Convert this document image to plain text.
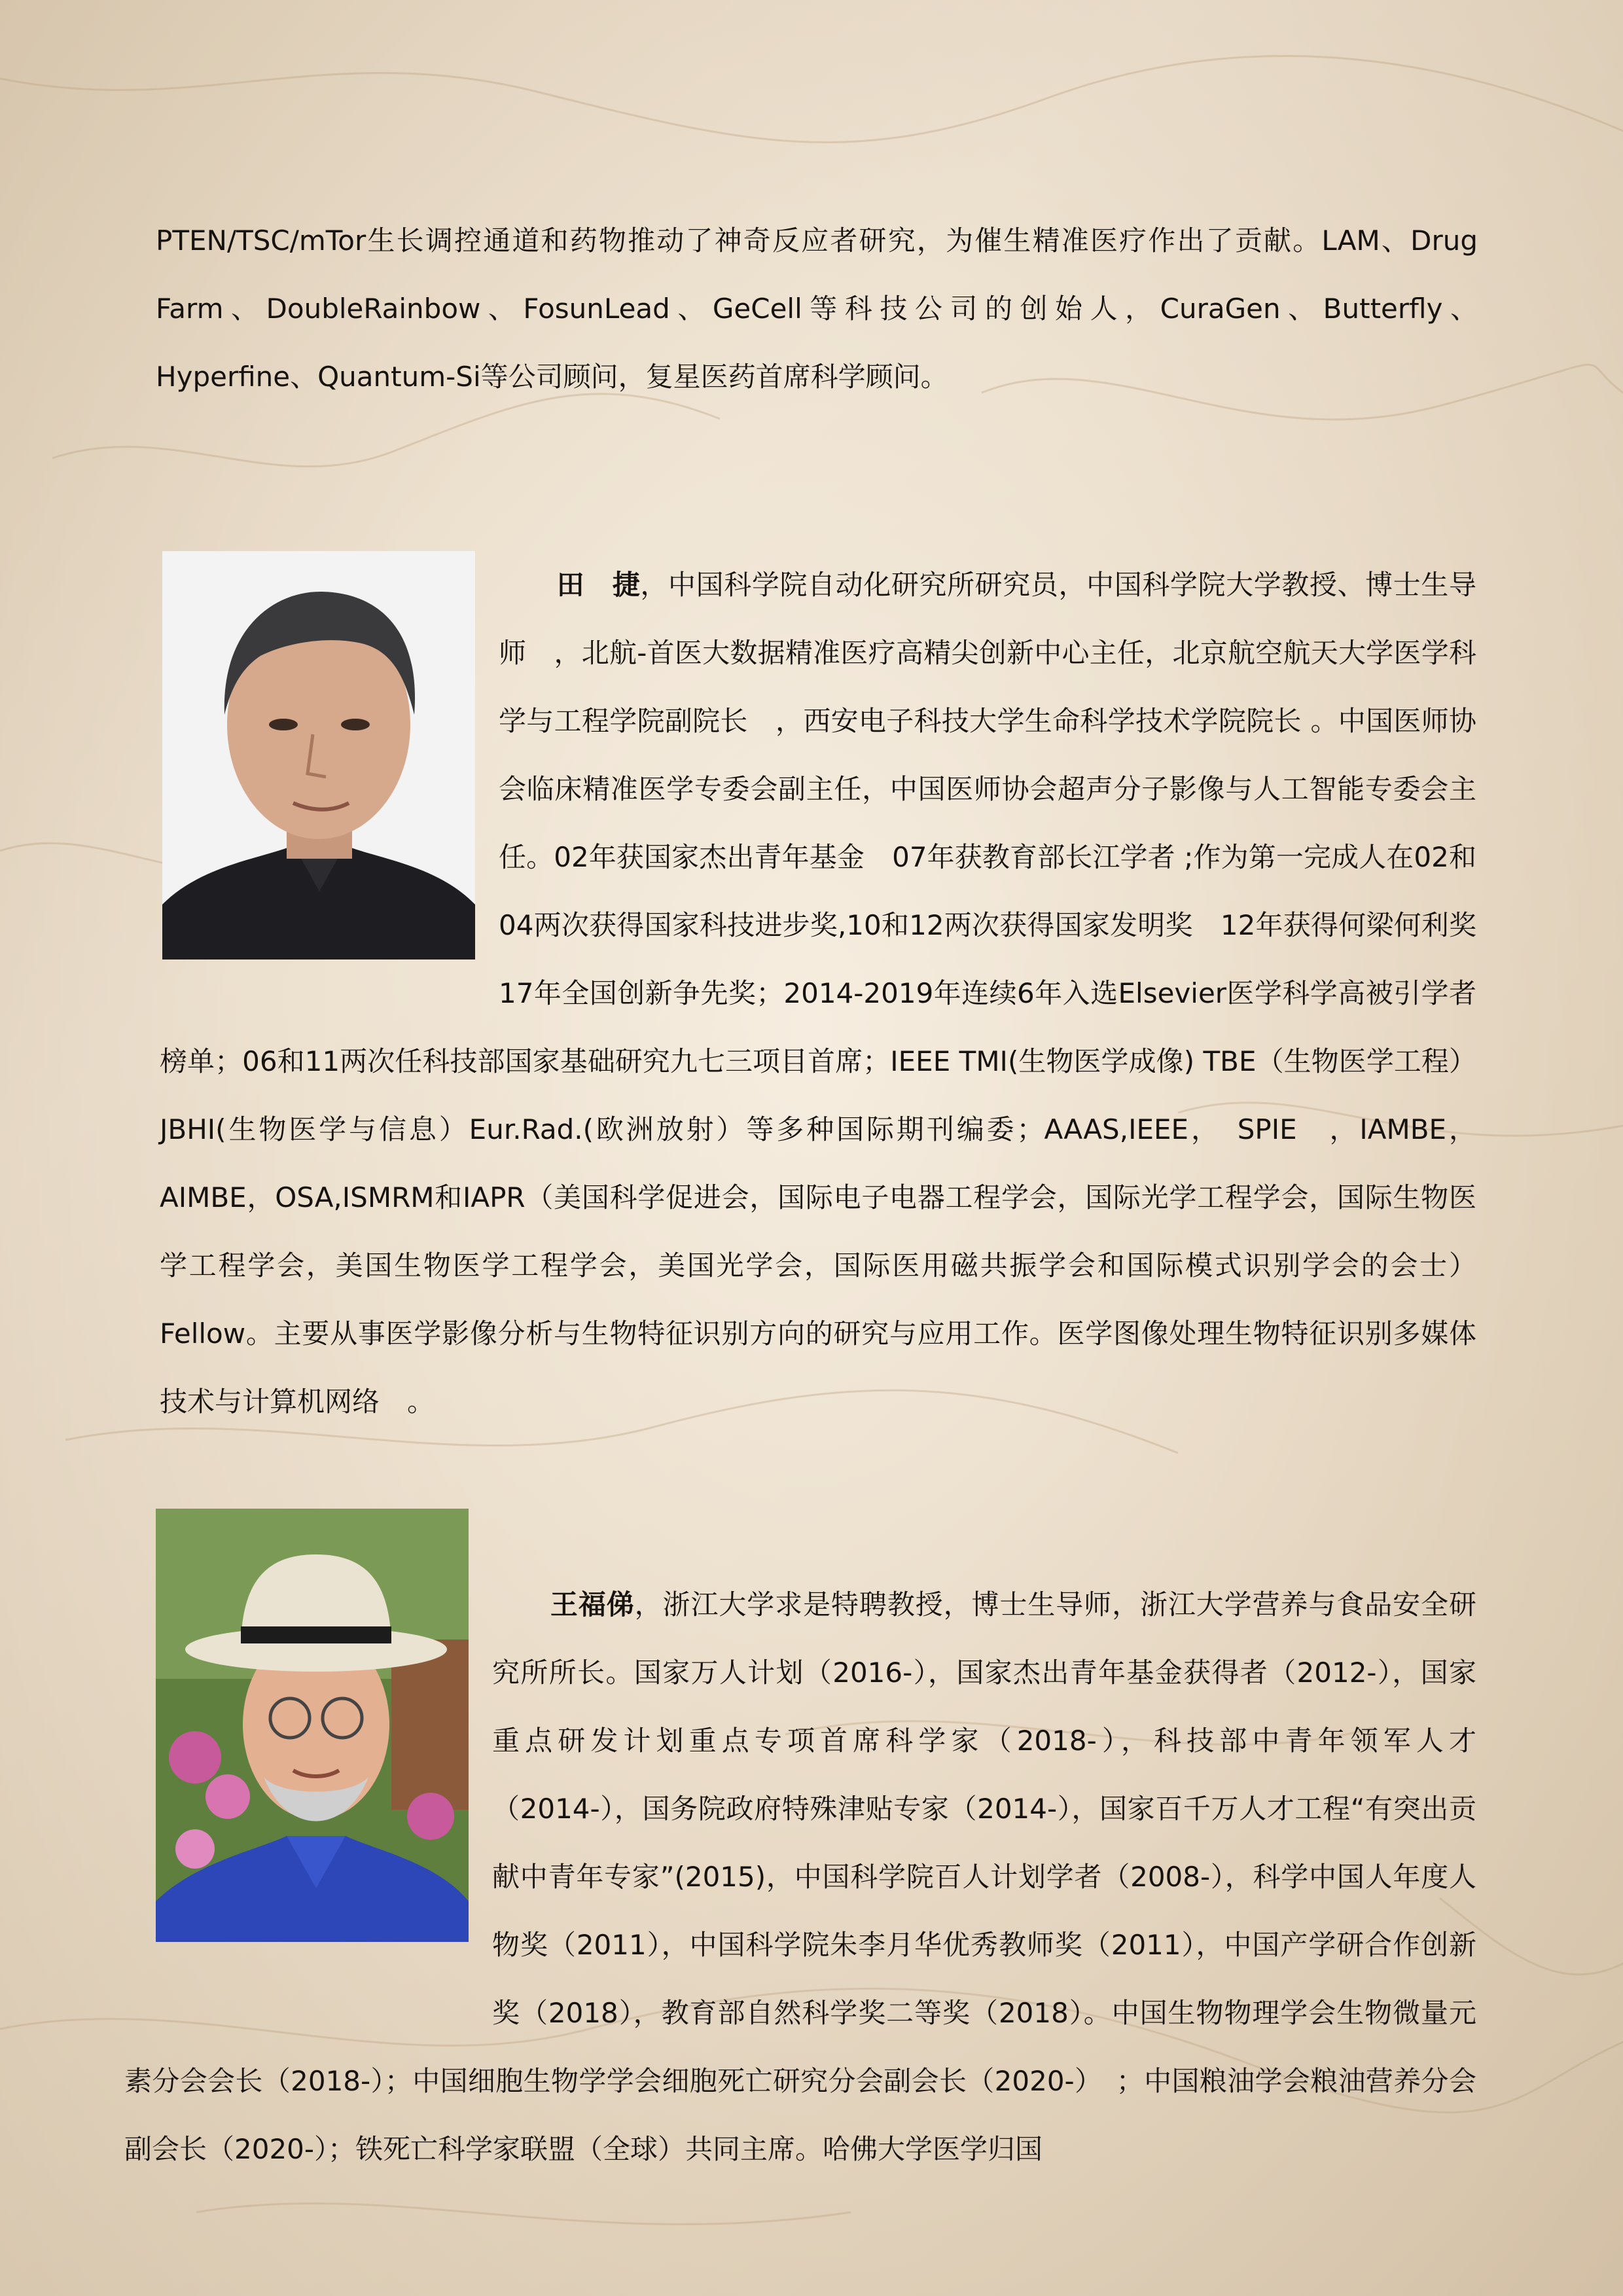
PTEN/TSC/mTor生长调控通道和药物推动了神奇反应者研究，为催生精准医疗作出了贡献。LAM、Drug Farm、DoubleRainbow、FosunLead、GeCell等科技公司的创始人，CuraGen、Butterfly、Hyperfine、Quantum-Si等公司顾问，复星医药首席科学顾问。

田　捷，中国科学院自动化研究所研究员，中国科学院大学教授、博士生导师　，北航-首医大数据精准医疗高精尖创新中心主任，北京航空航天大学医学科学与工程学院副院长　，西安电子科技大学生命科学技术学院院长 。中国医师协会临床精准医学专委会副主任，中国医师协会超声分子影像与人工智能专委会主任。02年获国家杰出青年基金　07年获教育部长江学者 ;作为第一完成人在02和04两次获得国家科技进步奖,10和12两次获得国家发明奖　12年获得何梁何利奖　17年全国创新争先奖；2014-2019年连续6年入选Elsevier医学科学高被引学者榜单；06和11两次任科技部国家基础研究九七三项目首席；IEEE TMI(生物医学成像) TBE（生物医学工程）JBHI(生物医学与信息）Eur.Rad.(欧洲放射）等多种国际期刊编委；AAAS,IEEE，　SPIE　，IAMBE，AIMBE，OSA,ISMRM和IAPR（美国科学促进会，国际电子电器工程学会，国际光学工程学会，国际生物医学工程学会，美国生物医学工程学会，美国光学会，国际医用磁共振学会和国际模式识别学会的会士）Fellow。主要从事医学影像分析与生物特征识别方向的研究与应用工作。医学图像处理生物特征识别多媒体技术与计算机网络　。

王福俤，浙江大学求是特聘教授，博士生导师，浙江大学营养与食品安全研究所所长。国家万人计划（2016-），国家杰出青年基金获得者（2012-），国家重点研发计划重点专项首席科学家（2018-），科技部中青年领军人才（2014-），国务院政府特殊津贴专家（2014-），国家百千万人才工程“有突出贡献中青年专家”(2015)，中国科学院百人计划学者（2008-），科学中国人年度人物奖（2011），中国科学院朱李月华优秀教师奖（2011），中国产学研合作创新奖（2018），教育部自然科学奖二等奖（2018）。中国生物物理学会生物微量元素分会会长（2018-）；中国细胞生物学学会细胞死亡研究分会副会长（2020-）　；中国粮油学会粮油营养分会副会长（2020-）；铁死亡科学家联盟（全球）共同主席。哈佛大学医学归国
